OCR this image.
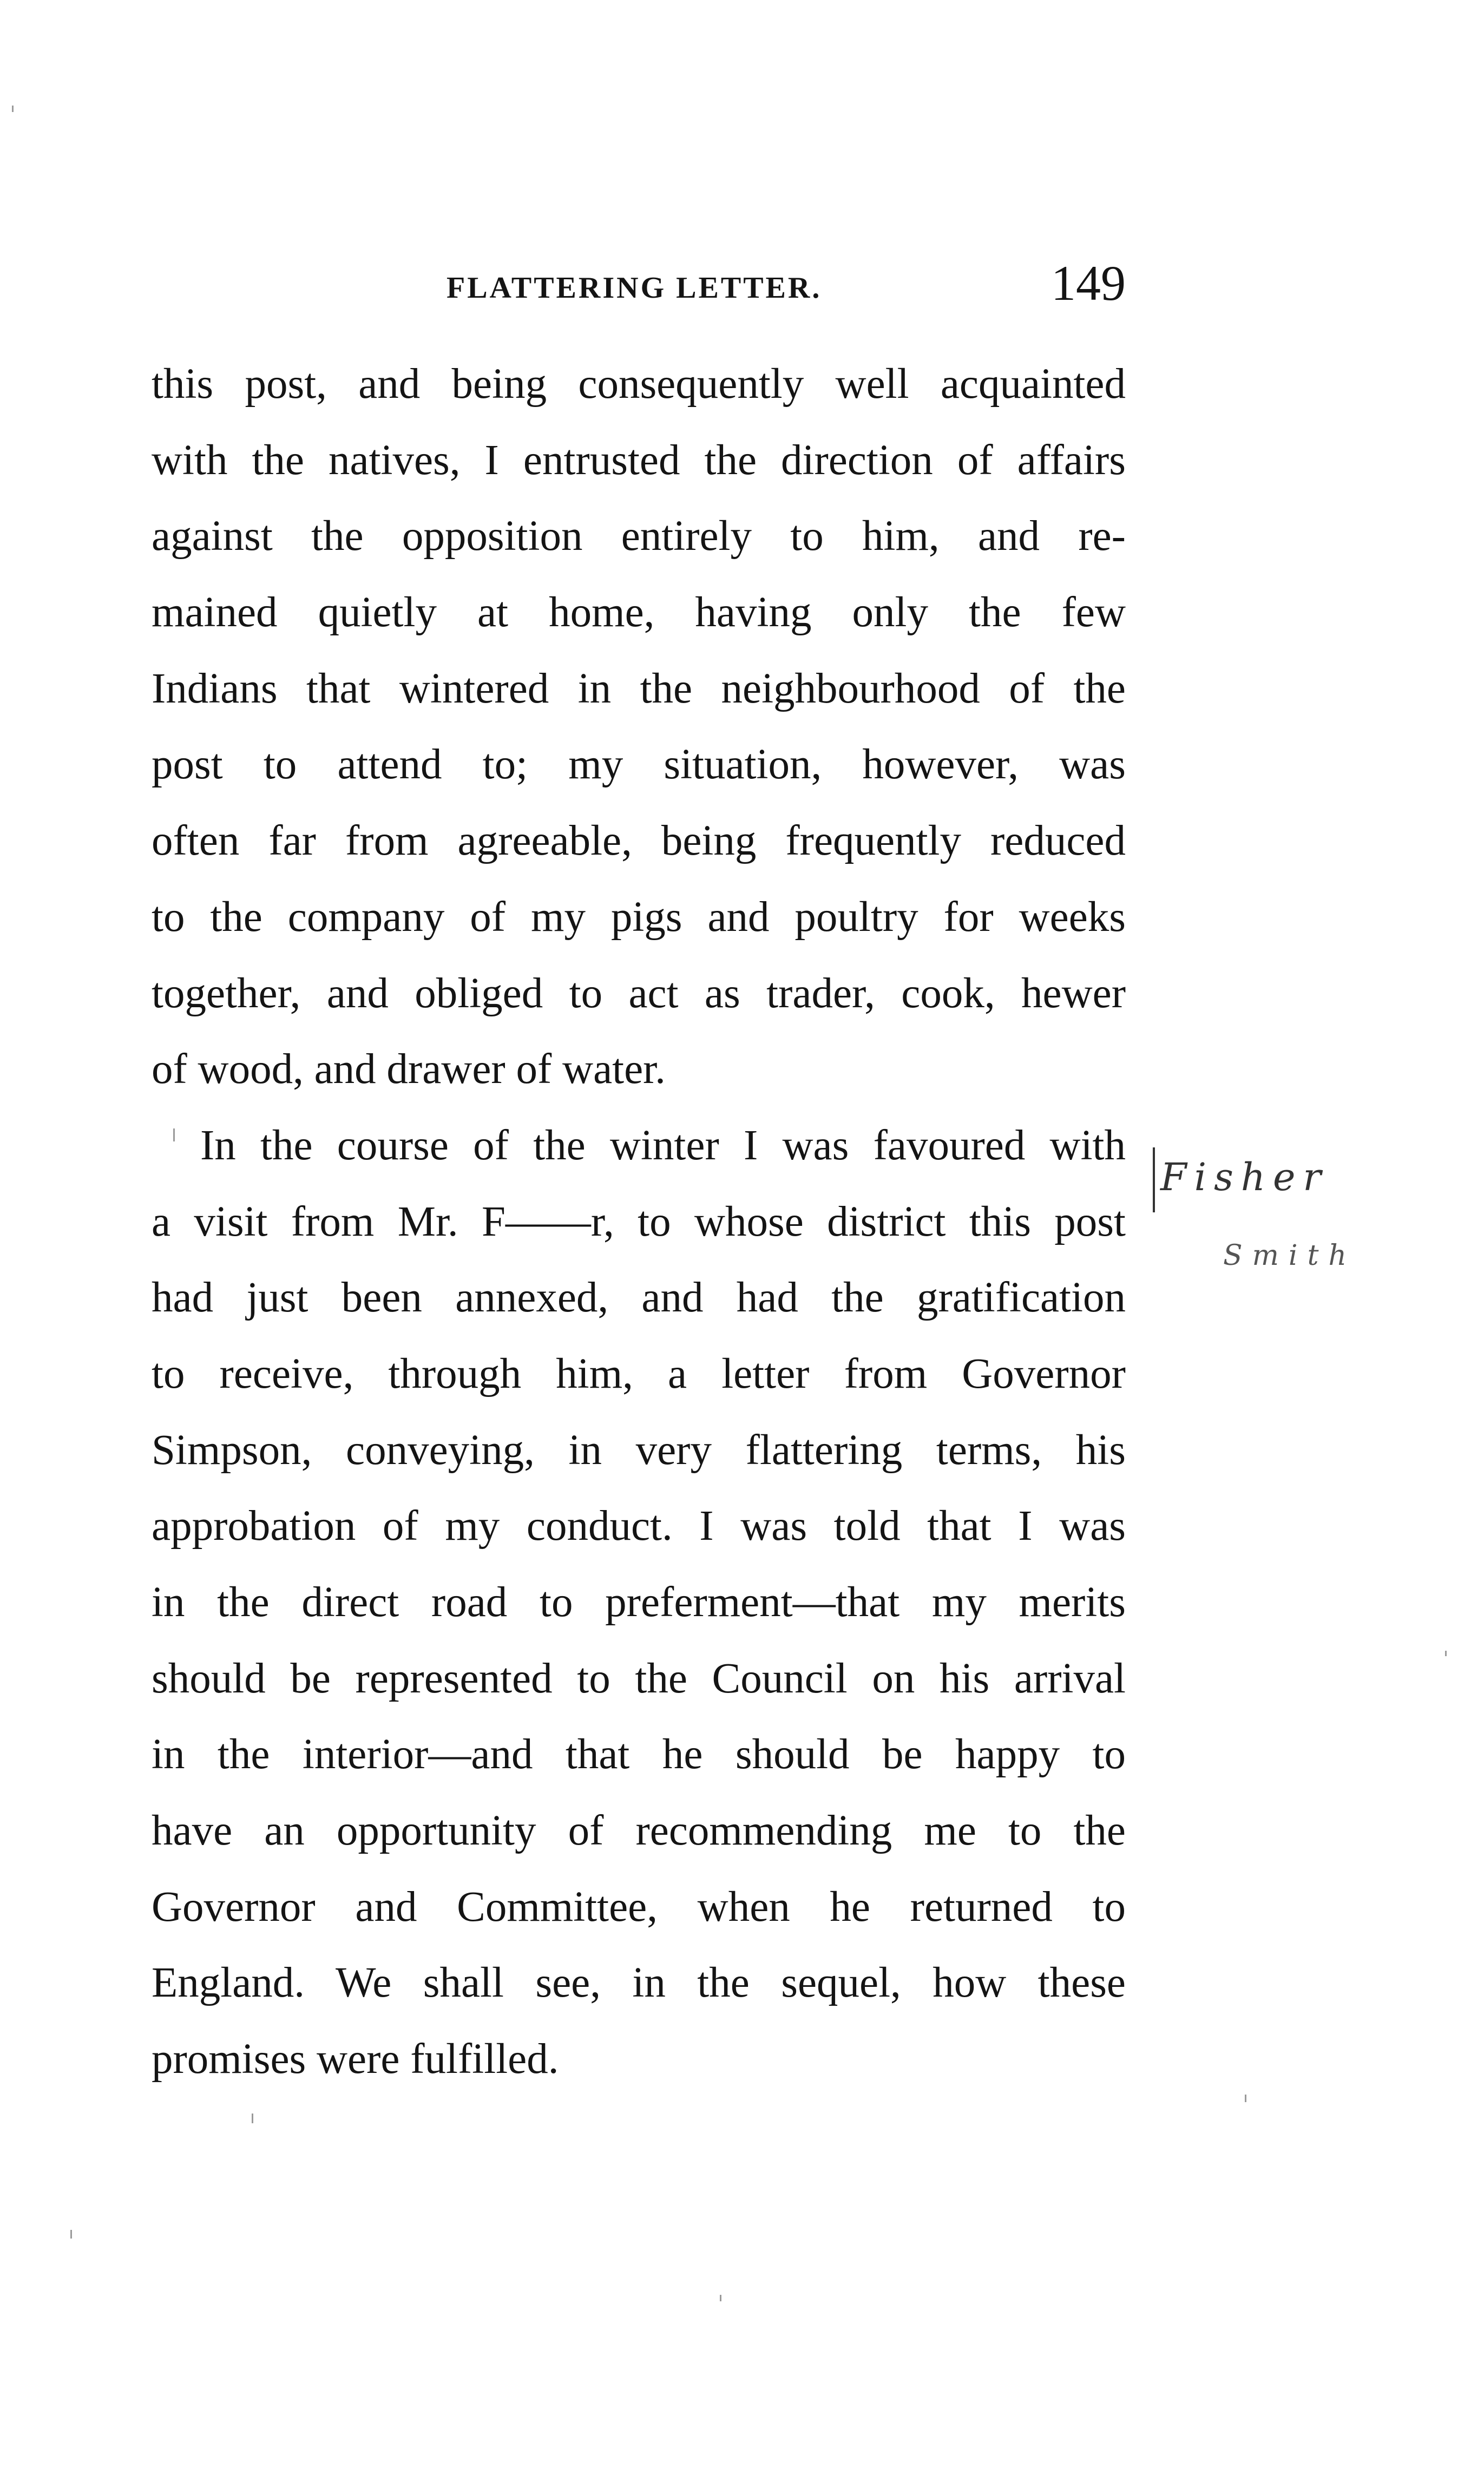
FLATTERING LETTER.	149
this post, and being consequently well acquainted
with the natives, I entrusted the direction of affairs
against the opposition entirely to him, and re-
mained quietly at home, having only the few
Indians that wintered in the neighbourhood of the
post to attend to; my situation, however, was
often far from agreeable, being frequently reduced
to the company of my pigs and poultry for weeks
together, and obliged to act as trader, cook, hewer
of wood, and drawer of water.
In the course of the winter I was favoured with
a visit from Mr. F——r, to whose district this post
had just been annexed, and had the gratification
to receive, through him, a letter from Governor
Simpson, conveying, in very flattering terms, his
approbation of my conduct. I was told that I was
in the direct road to preferment—that my merits
should be represented to the Council on his arrival
in the interior—and that he should be happy to
have an opportunity of recommending me to the
Governor and Committee, when he returned to
England. We shall see, in the sequel, how these
promises were fulfilled.
Fisher
Smith
